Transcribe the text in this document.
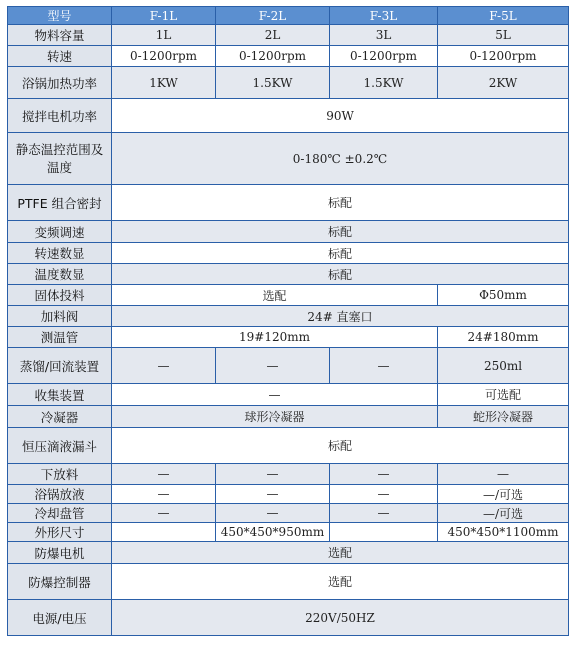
型号	F-1L	F-2L	F-3L	F-5L
物料容量	1L	2L	3L	5L
转速	0-1200rpm	0-1200rpm	0-1200rpm	0-1200rpm
浴锅加热功率	1KW	1.5KW	1.5KW	2KW
搅拌电机功率	90W			
静态温控范围及温度	0-180℃ ±0.2℃			
PTFE 组合密封	标配			
变频调速	标配			
转速数显	标配			
温度数显	标配			
固体投料	选配			Φ50mm
加料阀	24# 直塞口			
测温管	19#120mm			24#180mm
蒸馏/回流装置	—	—	—	250ml
收集装置	—			可选配
冷凝器	球形冷凝器			蛇形冷凝器
恒压滴液漏斗	标配			
下放料	—	—	—	—
浴锅放液	—	—	—	—/可选
冷却盘管	—	—	—	—/可选
外形尺寸		450*450*950mm		450*450*1100mm
防爆电机	选配			
防爆控制器	选配			
电源/电压	220V/50HZ			
